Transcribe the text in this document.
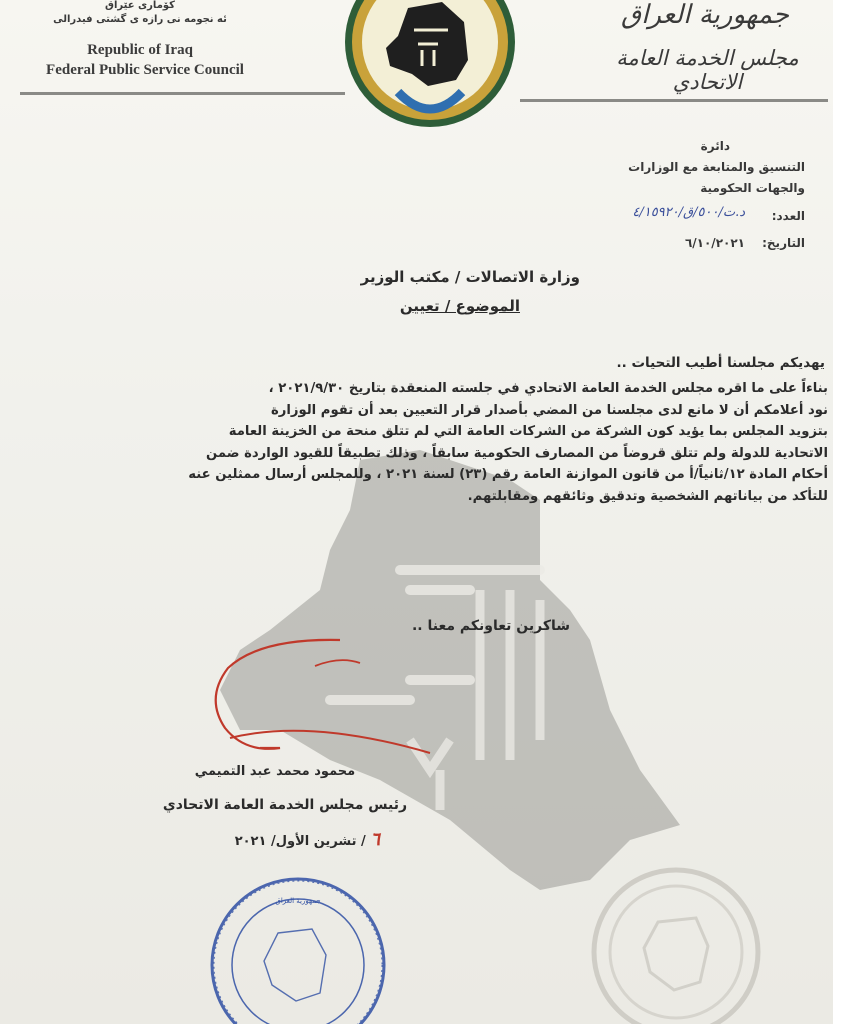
کۆماری عێراق
ئه نجومه نی رازه ی گشتی فیدرالی
Republic of Iraq
Federal Public Service Council
جمهورية العراق
مجلس الخدمة العامة الاتحادي
دائرة
التنسيق والمتابعة مع الوزارات
والجهات الحكومية
العدد:
د.ت/٥٠٠/ق/٤/١٥٩٢٠
التاريخ:
٦/١٠/٢٠٢١
وزارة الاتصالات / مكتب الوزير
الموضوع / تعيين
يهديكم مجلسنا أطيب التحيات ..
بناءاً على ما اقره مجلس الخدمة العامة الاتحادي في جلسته المنعقدة بتاريخ ٢٠٢١/٩/٣٠ ،
نود أعلامكم أن لا مانع لدى مجلسنا من المضي بأصدار قرار التعيين بعد أن تقوم الوزارة
بتزويد المجلس بما يؤيد كون الشركة من الشركات العامة التي لم تتلق منحة من الخزينة العامة
الاتحادية للدولة ولم تتلق قروضاً من المصارف الحكومية سابقاً ، وذلك تطبيقاً للقيود الواردة ضمن
أحكام المادة ١٢/ثانياً/أ من قانون الموازنة العامة رقم (٢٣) لسنة ٢٠٢١ ، وللمجلس أرسال ممثلين عنه
للتأكد من بياناتهم الشخصية وتدقيق وثائقهم ومقابلتهم.
شاكرين تعاونكم معنا ..
محمود محمد عبد التميمي
رئيس مجلس الخدمة العامة الاتحادي
٦ / تشرين الأول/ ٢٠٢١
جمهورية العراق
